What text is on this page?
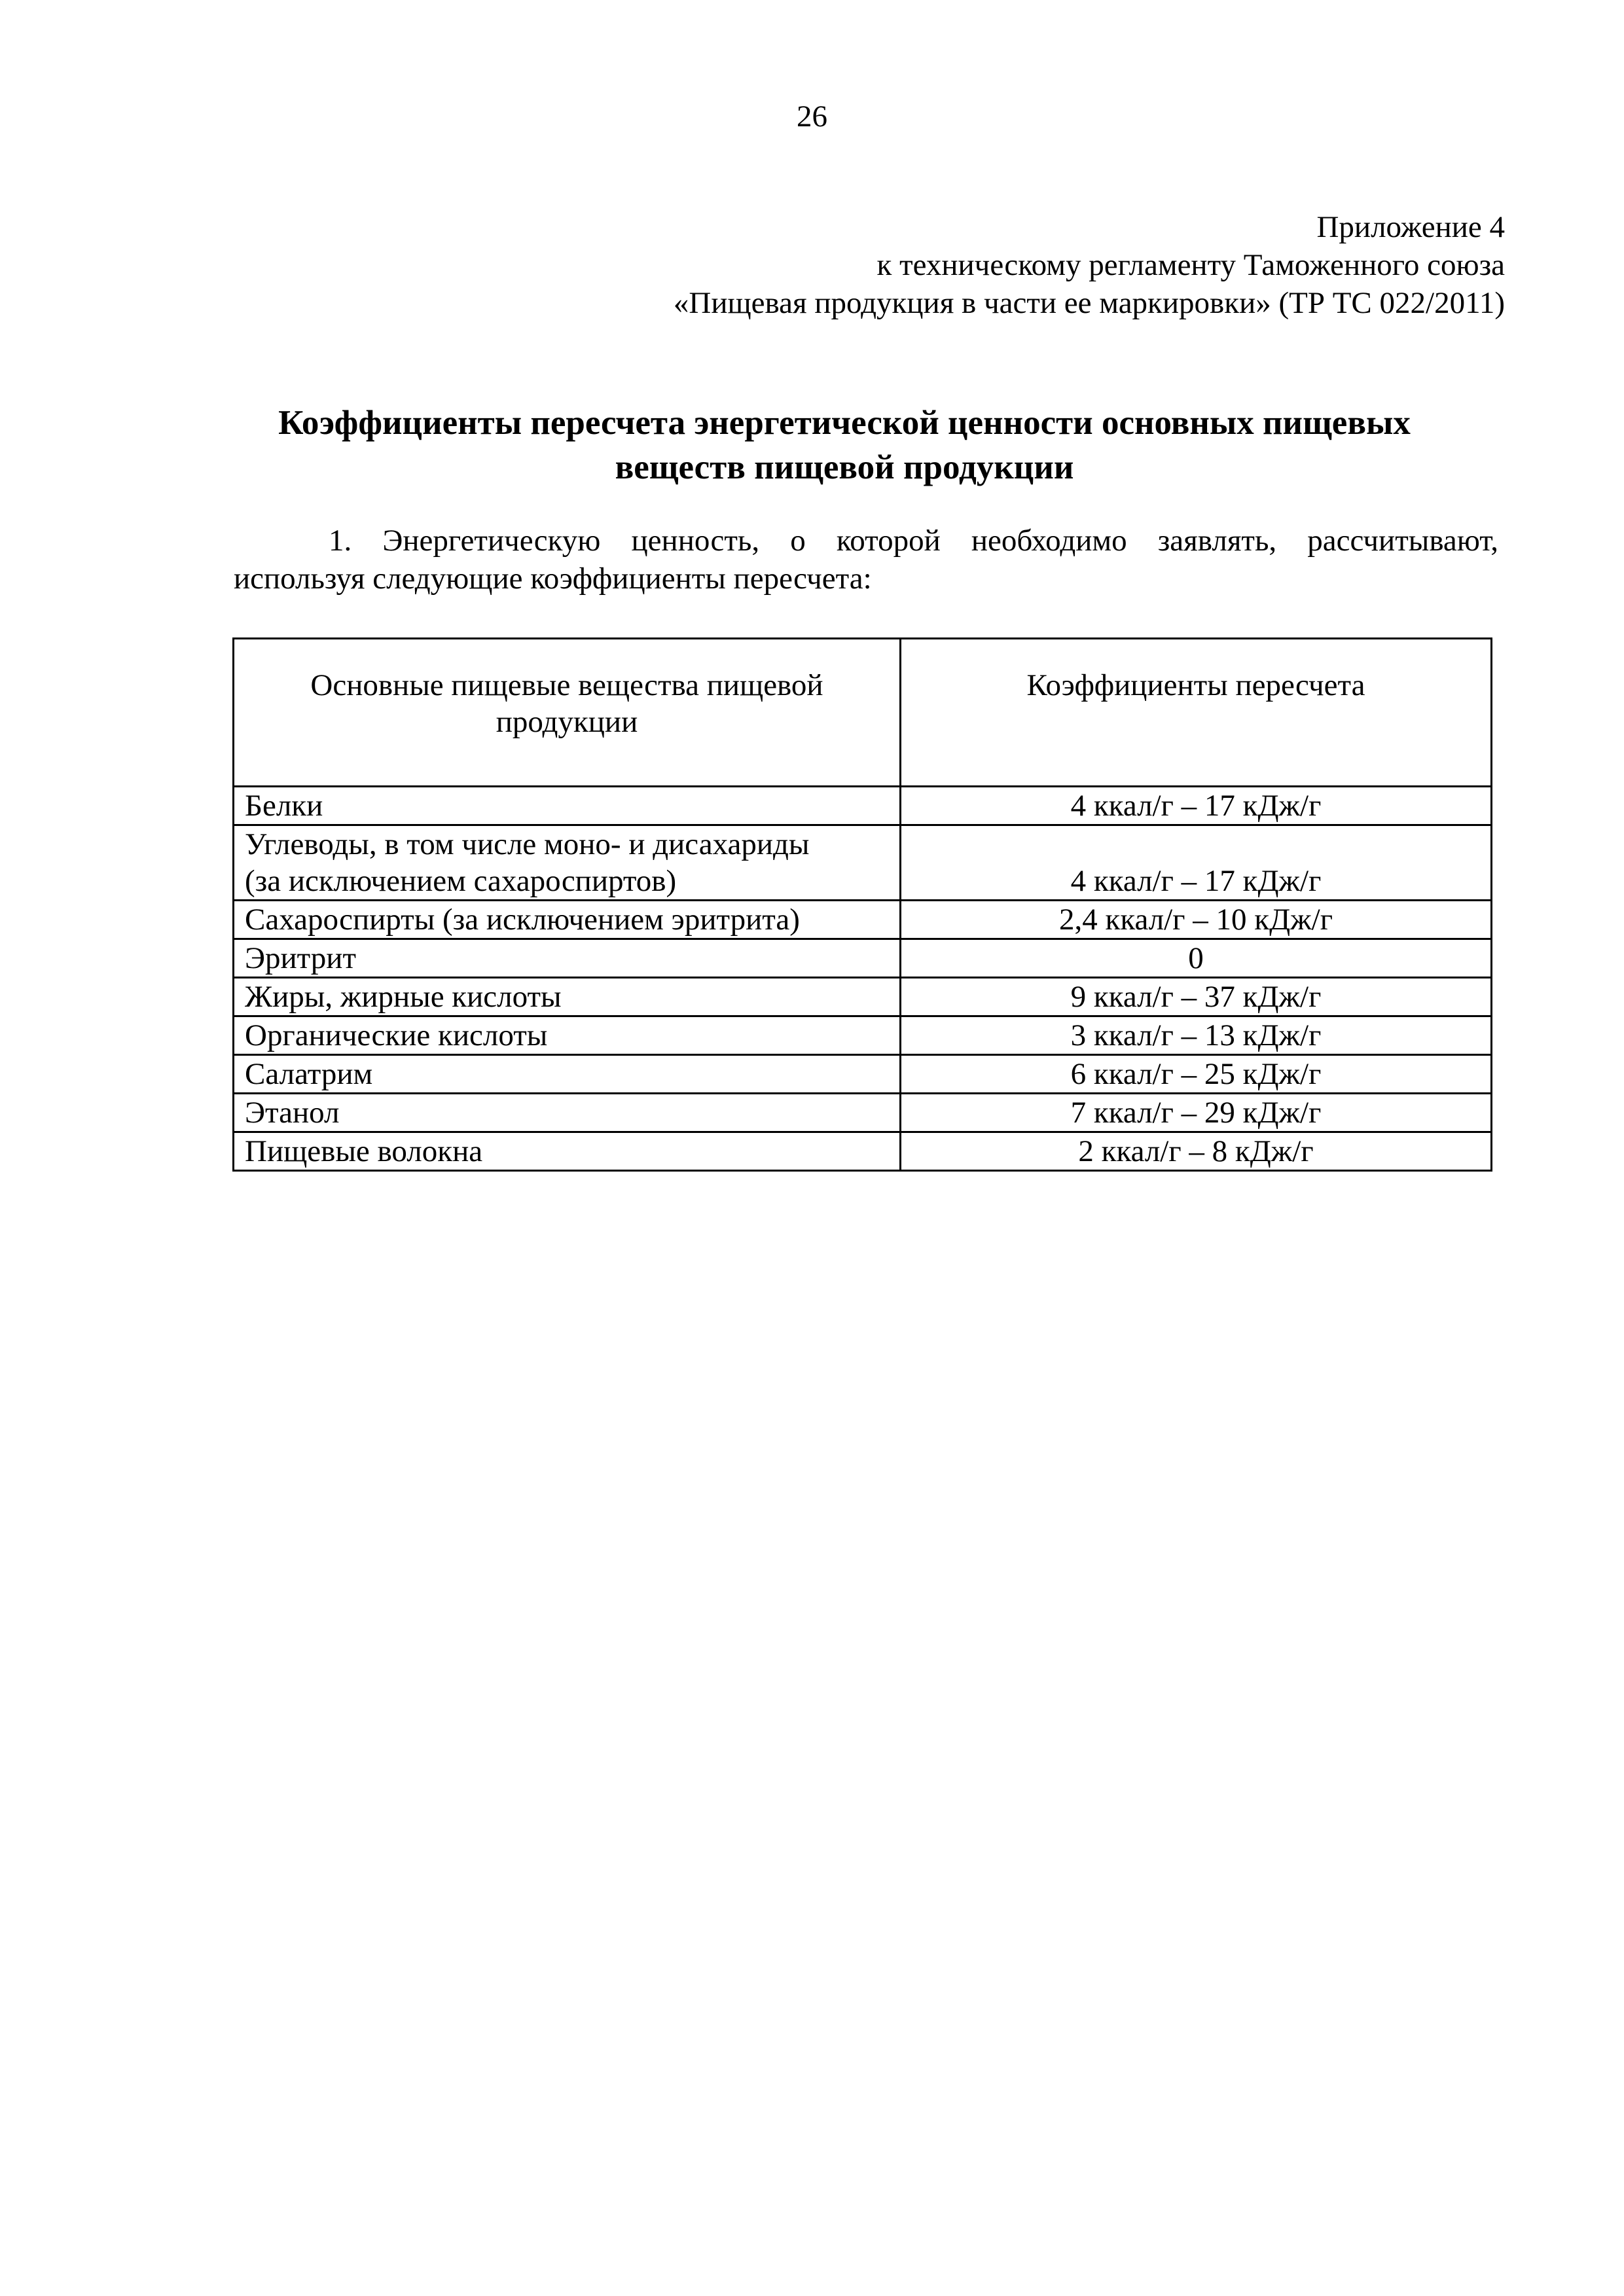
26
Приложение 4
к техническому регламенту Таможенного союза
«Пищевая продукция в части ее маркировки» (ТР ТС 022/2011)
Коэффициенты пересчета энергетической ценности основных пищевых
веществ пищевой продукции
1. Энергетическую ценность, о которой необходимо заявлять, рассчитывают,
используя следующие коэффициенты пересчета:
Основные пищевые вещества пищевой
продукции	Коэффициенты пересчета
Белки	4 ккал/г – 17 кДж/г

Углеводы, в том числе моно- и дисахариды
(за исключением сахароспиртов)	4 ккал/г – 17 кДж/г
Сахароспирты (за исключением эритрита)	2,4 ккал/г – 10 кДж/г
Эритрит	0
Жиры, жирные кислоты	9 ккал/г – 37 кДж/г
Органические кислоты	3 ккал/г – 13 кДж/г
Салатрим	6 ккал/г – 25 кДж/г
Этанол	7 ккал/г – 29 кДж/г
Пищевые волокна	2 ккал/г – 8 кДж/г
